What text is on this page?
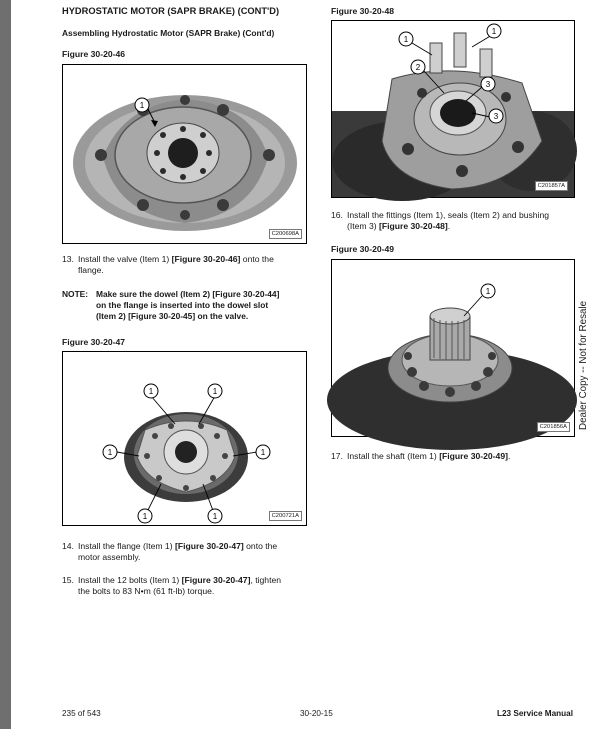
HYDROSTATIC MOTOR (SAPR BRAKE) (CONT'D)
Assembling Hydrostatic Motor (SAPR Brake) (Cont'd)
Figure 30-20-46
1
C200698A
13. Install the valve (Item 1) [Figure 30-20-46] onto the
flange.
NOTE: Make sure the dowel (Item 2) [Figure 30-20-44]
on the flange is inserted into the dowel slot
(Item 2) [Figure 30-20-45] on the valve.
Figure 30-20-47
1	1
1	1
1	1	C200721A
14. Install the flange (Item 1) [Figure 30-20-47] onto the
motor assembly.
15. Install the 12 bolts (Item 1) [Figure 30-20-47], tighten
the bolts to 83 N•m (61 ft-lb) torque.
Figure 30-20-48
1
1
2
3
3
C201857A
16. Install the fittings (Item 1), seals (Item 2) and bushing
(Item 3) [Figure 30-20-48].
Figure 30-20-49
1
C201856A
17. Install the shaft (Item 1) [Figure 30-20-49].
Dealer Copy -- Not for Resale
235 of 543	30-20-15	L23 Service Manual
